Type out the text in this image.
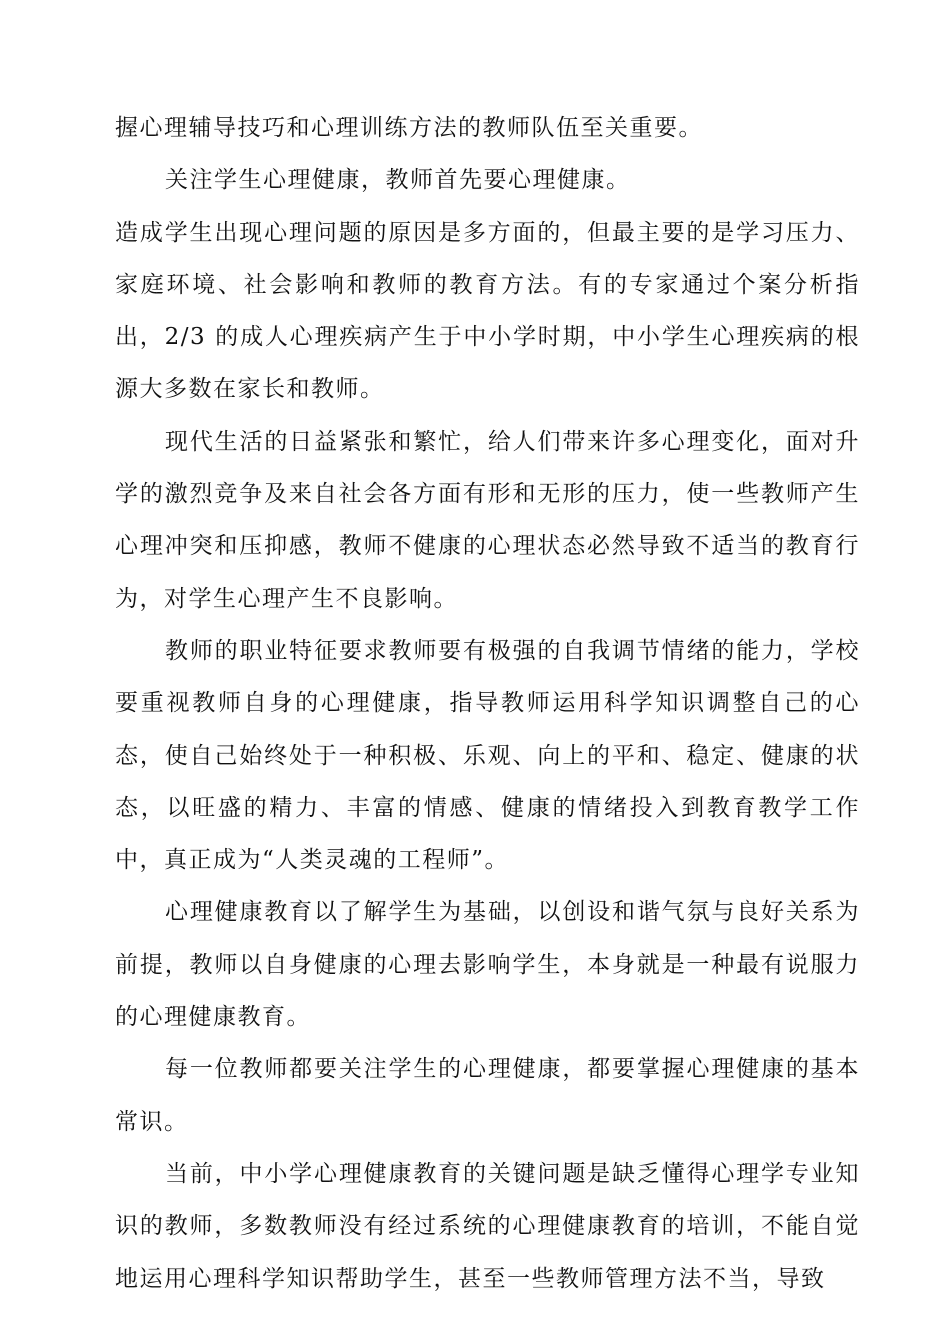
握心理辅导技巧和心理训练方法的教师队伍至关重要。

关注学生心理健康，教师首先要心理健康。

造成学生出现心理问题的原因是多方面的，但最主要的是学习压力、家庭环境、社会影响和教师的教育方法。有的专家通过个案分析指出，2/3 的成人心理疾病产生于中小学时期，中小学生心理疾病的根源大多数在家长和教师。

现代生活的日益紧张和繁忙，给人们带来许多心理变化，面对升学的激烈竞争及来自社会各方面有形和无形的压力，使一些教师产生心理冲突和压抑感，教师不健康的心理状态必然导致不适当的教育行为，对学生心理产生不良影响。

教师的职业特征要求教师要有极强的自我调节情绪的能力，学校要重视教师自身的心理健康，指导教师运用科学知识调整自己的心态，使自己始终处于一种积极、乐观、向上的平和、稳定、健康的状态，以旺盛的精力、丰富的情感、健康的情绪投入到教育教学工作中，真正成为“人类灵魂的工程师”。

心理健康教育以了解学生为基础，以创设和谐气氛与良好关系为前提，教师以自身健康的心理去影响学生，本身就是一种最有说服力的心理健康教育。

每一位教师都要关注学生的心理健康，都要掌握心理健康的基本常识。

当前，中小学心理健康教育的关键问题是缺乏懂得心理学专业知识的教师，多数教师没有经过系统的心理健康教育的培训，不能自觉地运用心理科学知识帮助学生，甚至一些教师管理方法不当，导致
